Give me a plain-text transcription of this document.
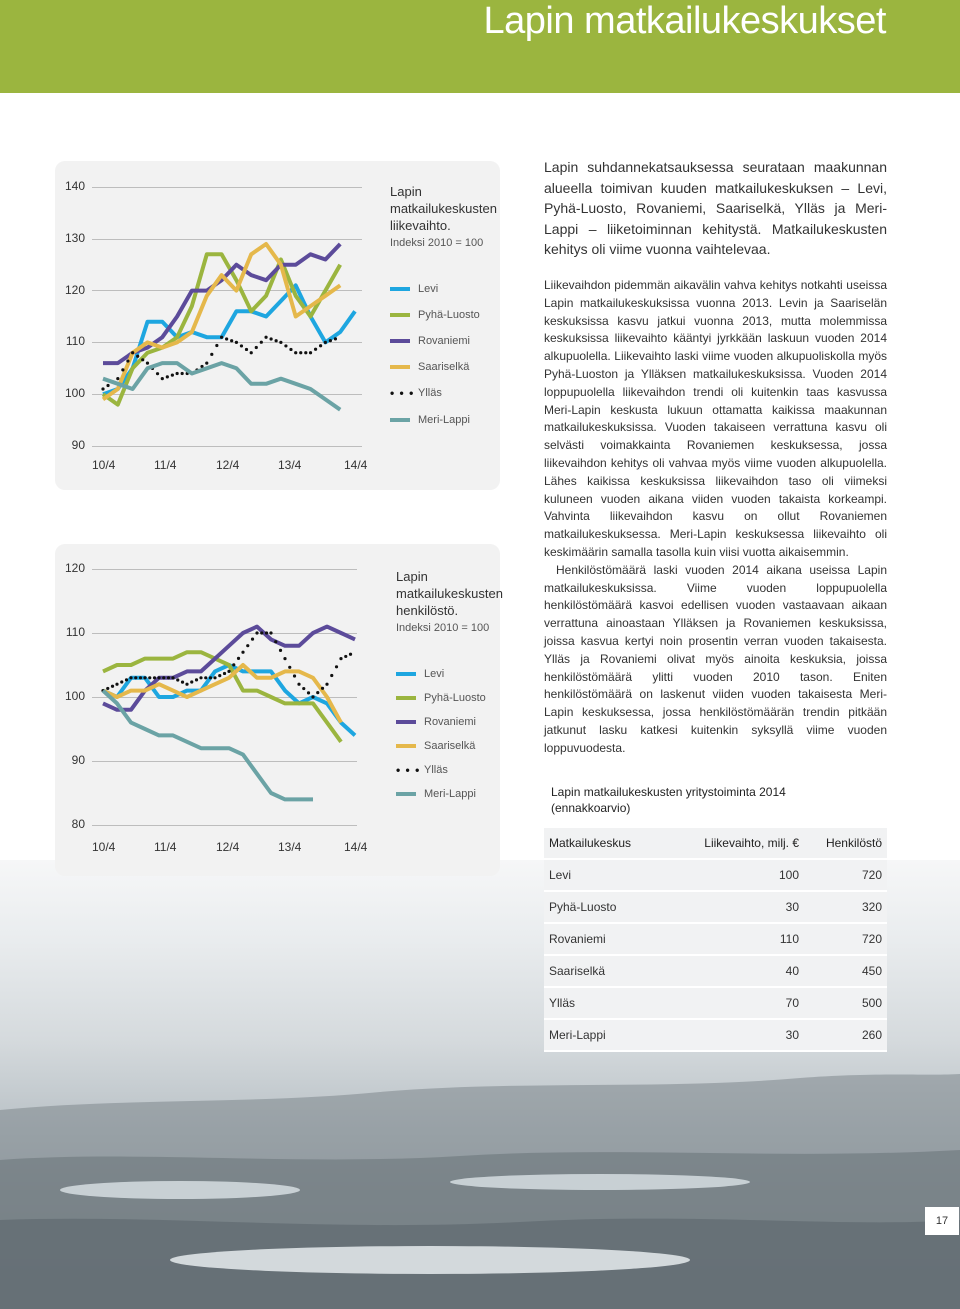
Lapin matkailukeskukset
140
130
120
110
100
90
10/4	11/4	12/4	13/4	14/4
Lapin matkailukeskusten liikevaihto.
Indeksi 2010 = 100
Levi
Pyhä-Luosto
Rovaniemi
Saariselkä
• • • Ylläs
Meri-Lappi
120
110
100
90
80
10/4	11/4	12/4	13/4	14/4
Lapin matkailukeskusten henkilöstö.
Indeksi 2010 = 100
Levi
Pyhä-Luosto
Rovaniemi
Saariselkä
• • • Ylläs
Meri-Lappi
Lapin suhdannekatsauksessa seurataan maakunnan alueella toimivan kuuden matkailukeskuksen – Levi, Pyhä-Luosto, Rovaniemi, Saariselkä, Ylläs ja Meri-Lappi – liiketoiminnan kehitystä. Matkailukeskusten kehitys oli viime vuonna vaihtelevaa.

Liikevaihdon pidemmän aikavälin vahva kehitys notkahti useissa Lapin matkailukeskuksissa vuonna 2013. Levin ja Saariselän keskuksissa kasvu jatkui vuonna 2013, mutta molemmissa keskuksissa liikevaihto kääntyi jyrkkään laskuun vuoden 2014 alkupuolella. Liikevaihto laski viime vuoden alkupuoliskolla myös Pyhä-Luoston ja Ylläksen matkailukeskuksissa. Vuoden 2014 loppupuolella liikevaihdon trendi oli kuitenkin taas kasvussa Meri-Lapin keskusta lukuun ottamatta kaikissa maakunnan matkailukeskuksissa. Vuoden takaiseen verrattuna kasvu oli selvästi voimakkainta Rovaniemen keskuksessa, jossa liikevaihdon kehitys oli vahvaa myös viime vuoden alkupuolella. Lähes kaikissa keskuksissa liikevaihdon taso oli viimeksi kuluneen vuoden aikana viiden vuoden takaista korkeampi. Vahvinta liikevaihdon kasvu on ollut Rovaniemen matkailukeskuksessa. Meri-Lapin keskuksessa liikevaihto oli keskimäärin samalla tasolla kuin viisi vuotta aikaisemmin.

Henkilöstömäärä laski vuoden 2014 aikana useissa Lapin matkailukeskuksissa. Viime vuoden loppupuolella henkilöstömäärä kasvoi edellisen vuoden vastaavaan aikaan verrattuna ainoastaan Ylläksen ja Rovaniemen keskuksissa, joissa kasvua kertyi noin prosentin verran vuoden takaisesta. Ylläs ja Rovaniemi olivat myös ainoita keskuksia, joissa henkilöstömäärä ylitti vuoden 2010 tason. Eniten henkilöstömäärä on laskenut viiden vuoden takaisesta Meri-Lapin keskuksessa, jossa henkilöstömäärän trendin pitkään jatkunut lasku katkesi kuitenkin syksyllä viime vuoden loppuvuodesta.

Lapin matkailukeskusten yritystoiminta 2014 (ennakkoarvio)
Matkailukeskus	Liikevaihto, milj. €	Henkilöstö
Levi	100	720
Pyhä-Luosto	30	320
Rovaniemi	110	720
Saariselkä	40	450
Ylläs	70	500
Meri-Lappi	30	260
17
